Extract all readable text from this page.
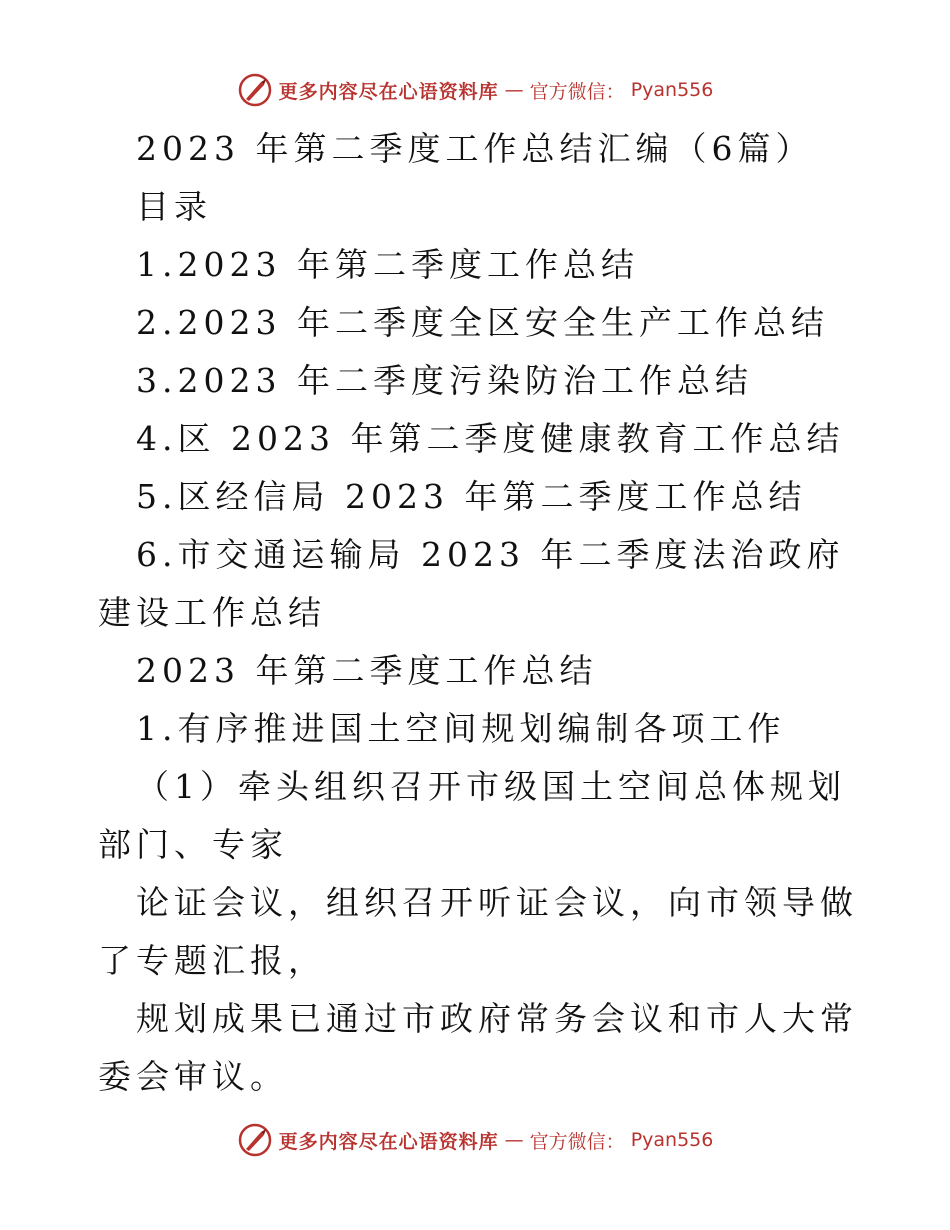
更多内容尽在心语资料库 — 官方微信： Pyan556

2023 年第二季度工作总结汇编（6篇）

目录

1.2023 年第二季度工作总结

2.2023 年二季度全区安全生产工作总结

3.2023 年二季度污染防治工作总结

4.区 2023 年第二季度健康教育工作总结

5.区经信局 2023 年第二季度工作总结

6.市交通运输局 2023 年二季度法治政府建设工作总结

2023 年第二季度工作总结

1.有序推进国土空间规划编制各项工作

（1）牵头组织召开市级国土空间总体规划部门、专家

论证会议，组织召开听证会议，向市领导做了专题汇报，

规划成果已通过市政府常务会议和市人大常委会审议。

更多内容尽在心语资料库 — 官方微信： Pyan556
